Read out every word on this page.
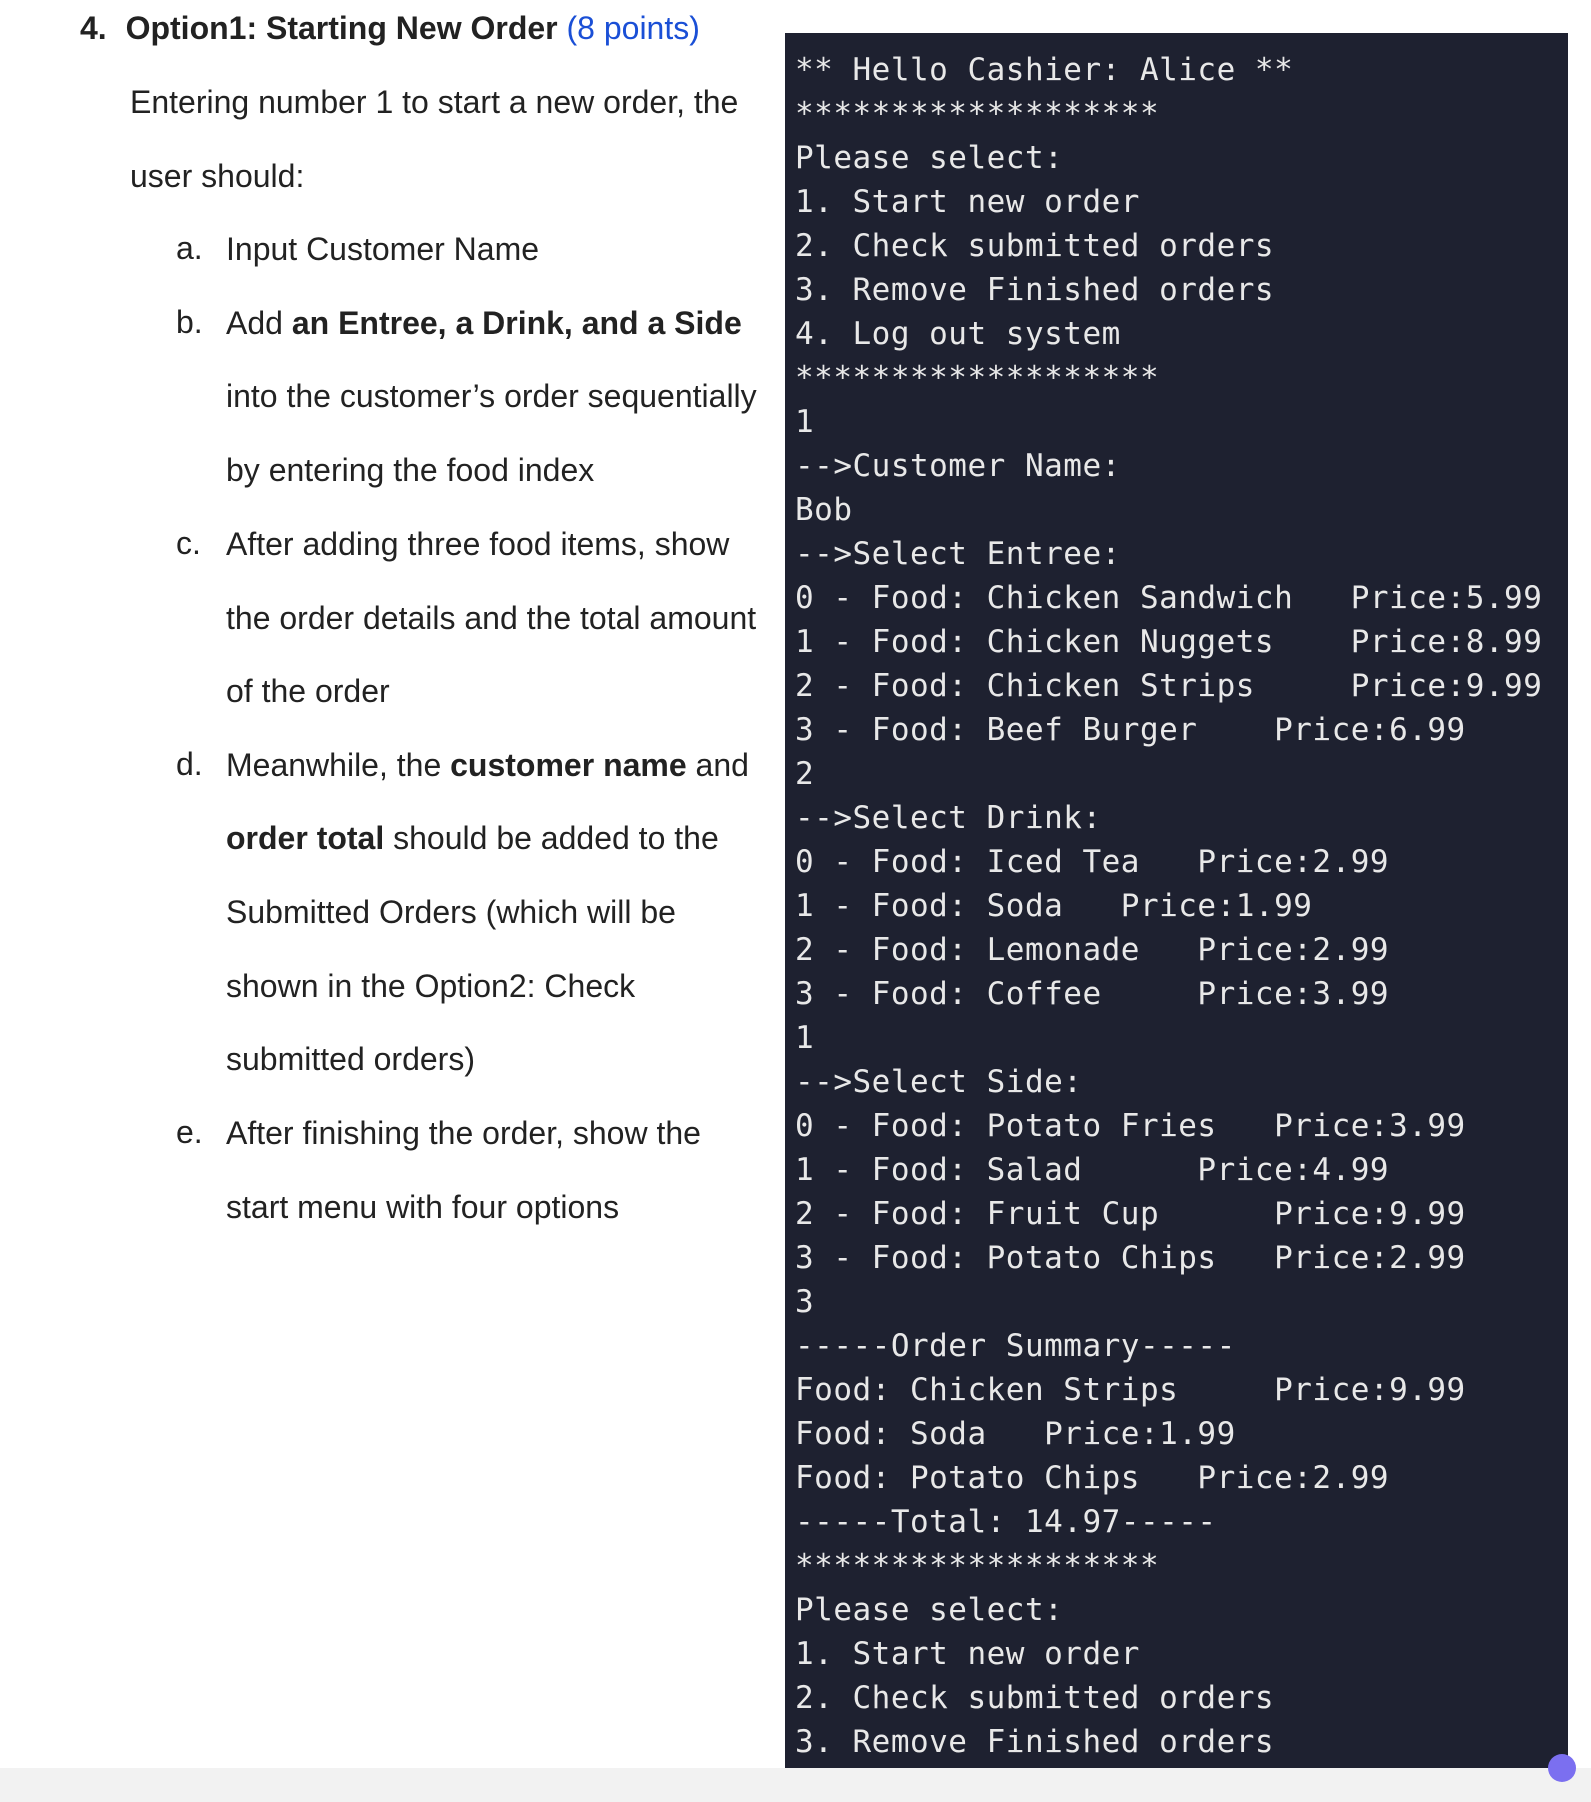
4. Option1: Starting New Order (8 points)
Entering number 1 to start a new order, the
user should:
a. Input Customer Name
b. Add an Entree, a Drink, and a Side
into the customer’s order sequentially
by entering the food index
c. After adding three food items, show
the order details and the total amount
of the order
d. Meanwhile, the customer name and
order total should be added to the
Submitted Orders (which will be
shown in the Option2: Check
submitted orders)
e. After finishing the order, show the
start menu with four options
** Hello Cashier: Alice **
*******************
Please select:
1. Start new order
2. Check submitted orders
3. Remove Finished orders
4. Log out system
*******************
1
-->Customer Name:
Bob
-->Select Entree:
0 - Food: Chicken Sandwich   Price:5.99
1 - Food: Chicken Nuggets    Price:8.99
2 - Food: Chicken Strips     Price:9.99
3 - Food: Beef Burger    Price:6.99
2
-->Select Drink:
0 - Food: Iced Tea   Price:2.99
1 - Food: Soda   Price:1.99
2 - Food: Lemonade   Price:2.99
3 - Food: Coffee     Price:3.99
1
-->Select Side:
0 - Food: Potato Fries   Price:3.99
1 - Food: Salad      Price:4.99
2 - Food: Fruit Cup      Price:9.99
3 - Food: Potato Chips   Price:2.99
3
-----Order Summary-----
Food: Chicken Strips     Price:9.99
Food: Soda   Price:1.99
Food: Potato Chips   Price:2.99
-----Total: 14.97-----
*******************
Please select:
1. Start new order
2. Check submitted orders
3. Remove Finished orders
